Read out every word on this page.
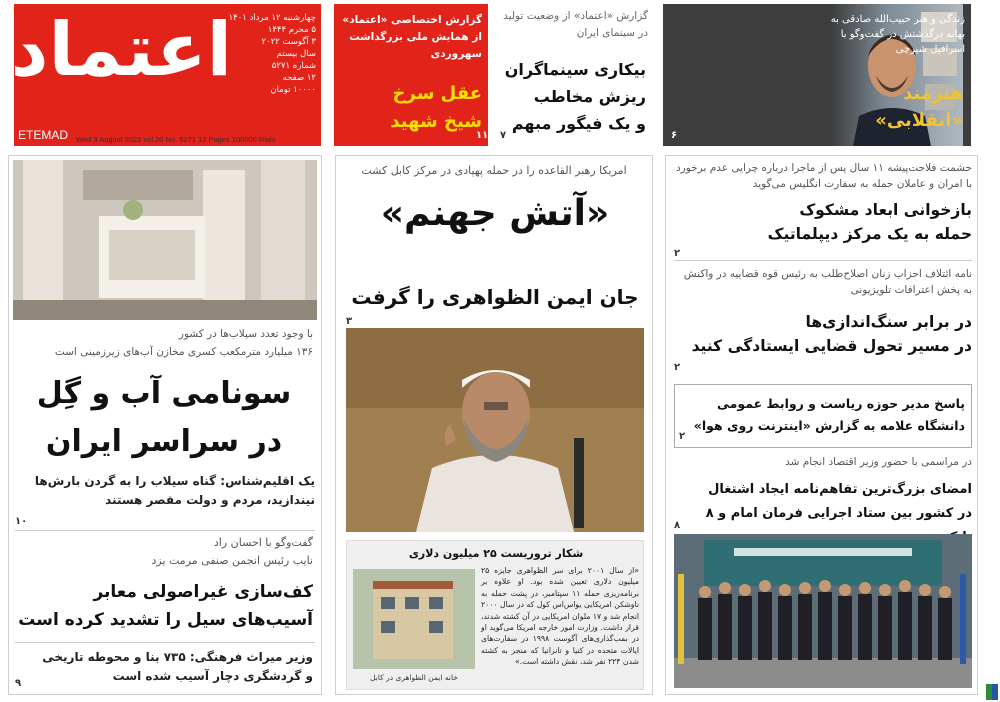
اعتماد
چهارشنبه ۱۲ مرداد ۱۴۰۱
۵ محرم ۱۴۴۴
۳ آگوست ۲۰۲۲
سال بیستم
شماره ۵۲۷۱
۱۲ صفحه
۱۰۰۰۰ تومان
ETEMAD Wed 3 August 2022 vol.20 No. 5271 12 Pages 100000 Rials
گزارش اختصاصی «اعتماد» از همایش ملی بزرگداشت سهروردی
عقل سرخ
شیخ شهید
۱۱
گزارش «اعتماد» از وضعیت تولید در سینمای ایران
بیکاری سینماگران
ریزش مخاطب
و یک فیگور مبهم
۷
زندگی و هنر حبیب‌الله صادقی به بهانه درگذشتش در گفت‌وگو با اسرافیل شیرچی
هنرمند
«انقلابی»
۶
با وجود تعدد سیلاب‌ها در کشور
۱۳۶ میلیارد مترمکعب کسری مخازن آب‌های زیرزمینی است
سونامی آب و گِل
در سراسر ایران
یک اقلیم‌شناس: گناه سیلاب را به گردن بارش‌ها نیندازید، مردم و دولت مقصر هستند
۱۰
گفت‌وگو با احسان راد
نایب رئیس انجمن صنفی مرمت یزد
کف‌سازی غیراصولی معابر
آسیب‌های سیل را تشدید کرده است
وزیر میراث فرهنگی: ۷۳۵ بنا و محوطه تاریخی
و گردشگری دچار آسیب شده است
۹
امریکا رهبر القاعده را در حمله پهپادی در مرکز کابل کشت
«آتش جهنم»
جان ایمن الظواهری را گرفت
۳
شکار تروریست ۲۵ میلیون دلاری
«از سال ۲۰۰۱ برای سر الظواهری جایزه ۲۵ میلیون دلاری تعیین شده بود. او علاوه بر برنامه‌ریزی حمله ۱۱ سپتامبر، در پشت حمله به ناوشکن امریکایی یو‌اس‌اس کول که در سال ۲۰۰۰ انجام شد و ۱۷ ملوان امریکایی در آن کشته شدند، قرار داشت. وزارت امور خارجه امریکا می‌گوید او در بمب‌گذاری‌های آگوست ۱۹۹۸ در سفارت‌های ایالات متحده در کنیا و تانزانیا که منجر به کشته شدن ۲۲۴ نفر شد، نقش داشته است.»
خانه ایمن الظواهری در کابل
حشمت فلاحت‌پیشه ۱۱ سال پس از ماجرا درباره چرایی عدم برخورد با امران و عاملان حمله به سفارت انگلیس می‌گوید
بازخوانی ابعاد مشکوک
حمله به یک مرکز دیپلماتیک
۲
نامه ائتلاف احزاب زنان اصلاح‌طلب به رئیس قوه قضاییه در واکنش به پخش اعترافات تلویزیونی
در برابر سنگ‌اندازی‌ها
در مسیر تحول قضایی ایستادگی کنید
۲
پاسخ مدیر حوزه ریاست و روابط عمومی
دانشگاه علامه به گزارش «اینترنت روی هوا»
۲
در مراسمی با حضور وزیر اقتصاد انجام شد
امضای بزرگ‌ترین تفاهم‌نامه ایجاد اشتغال
در کشور بین ستاد اجرایی فرمان امام و ۸
۸
